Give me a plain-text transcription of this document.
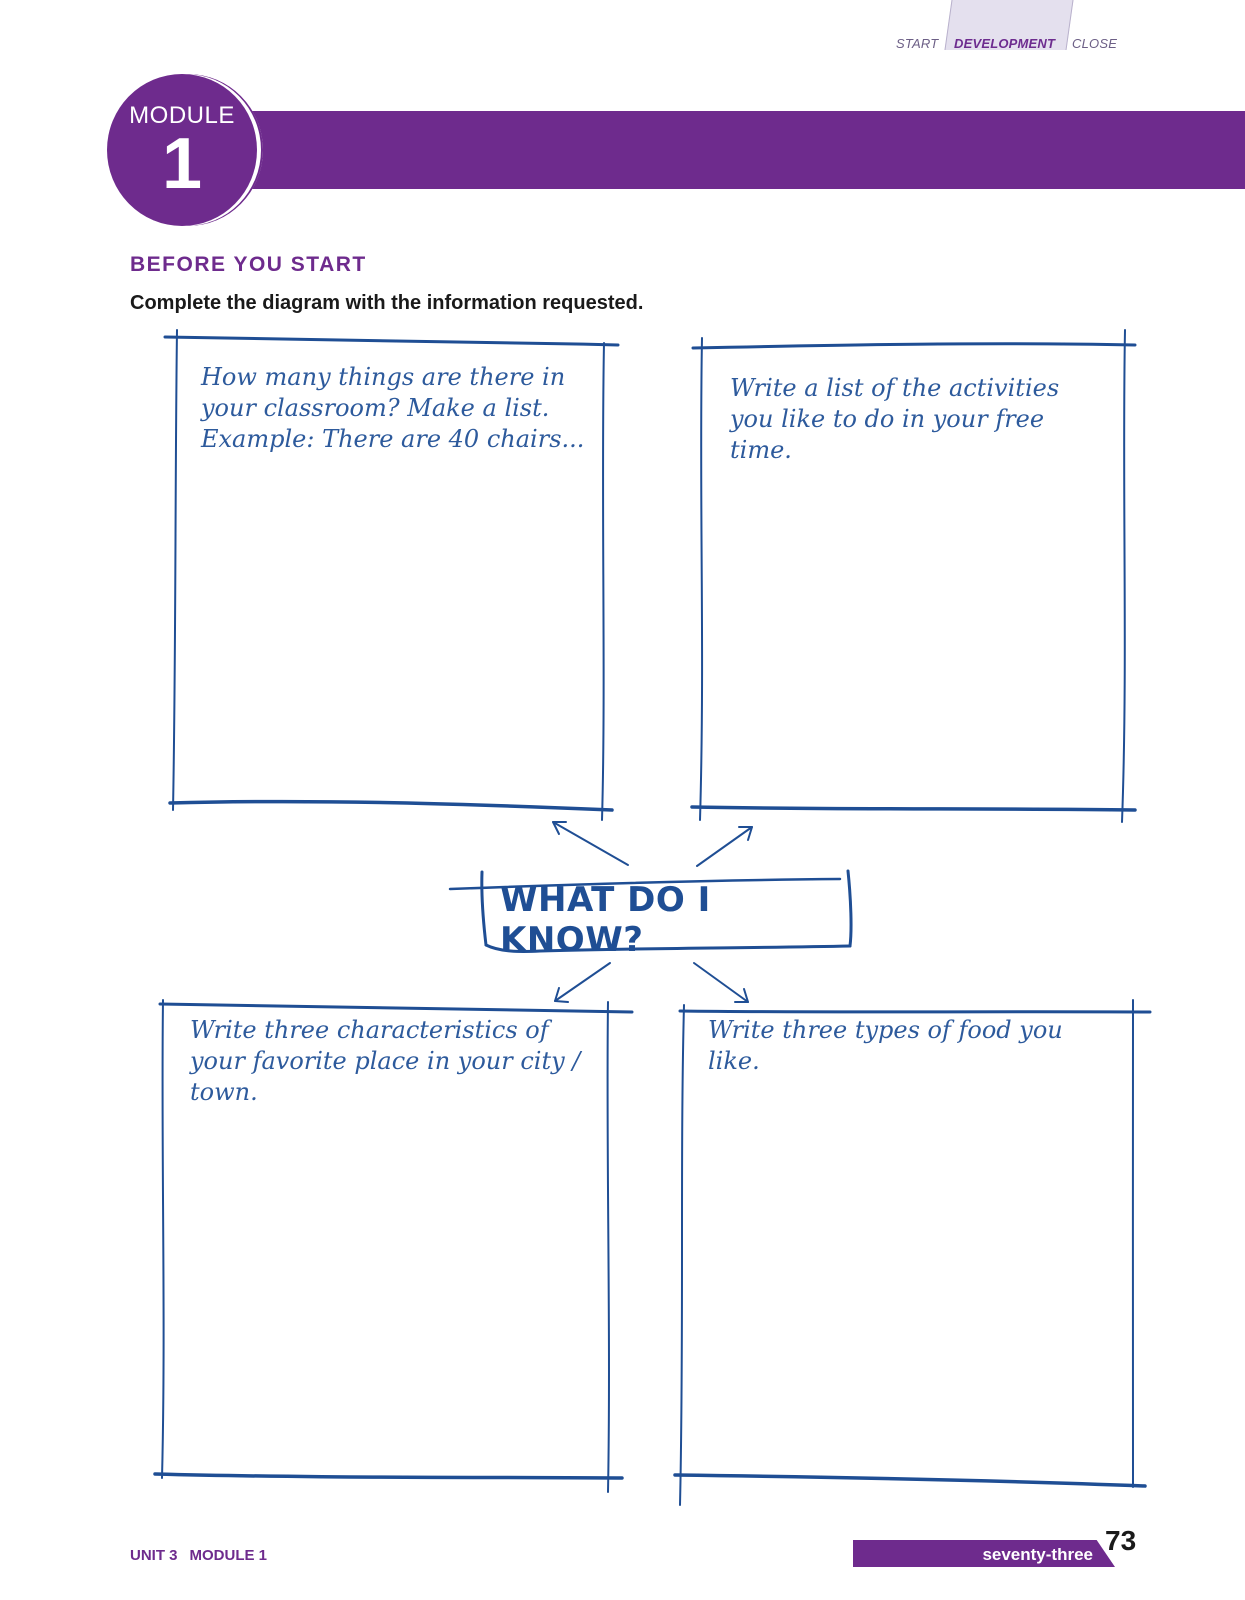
START DEVELOPMENT CLOSE
MODULE
1
BEFORE YOU START
Complete the diagram with the information requested.
WHAT DO I KNOW?
How many things are there in your classroom? Make a list. Example: There are 40 chairs...
Write a list of the activities you like to do in your free time.
Write three characteristics of your favorite place in your city / town.
Write three types of food you like.
UNIT 3 MODULE 1	seventy-three 73
